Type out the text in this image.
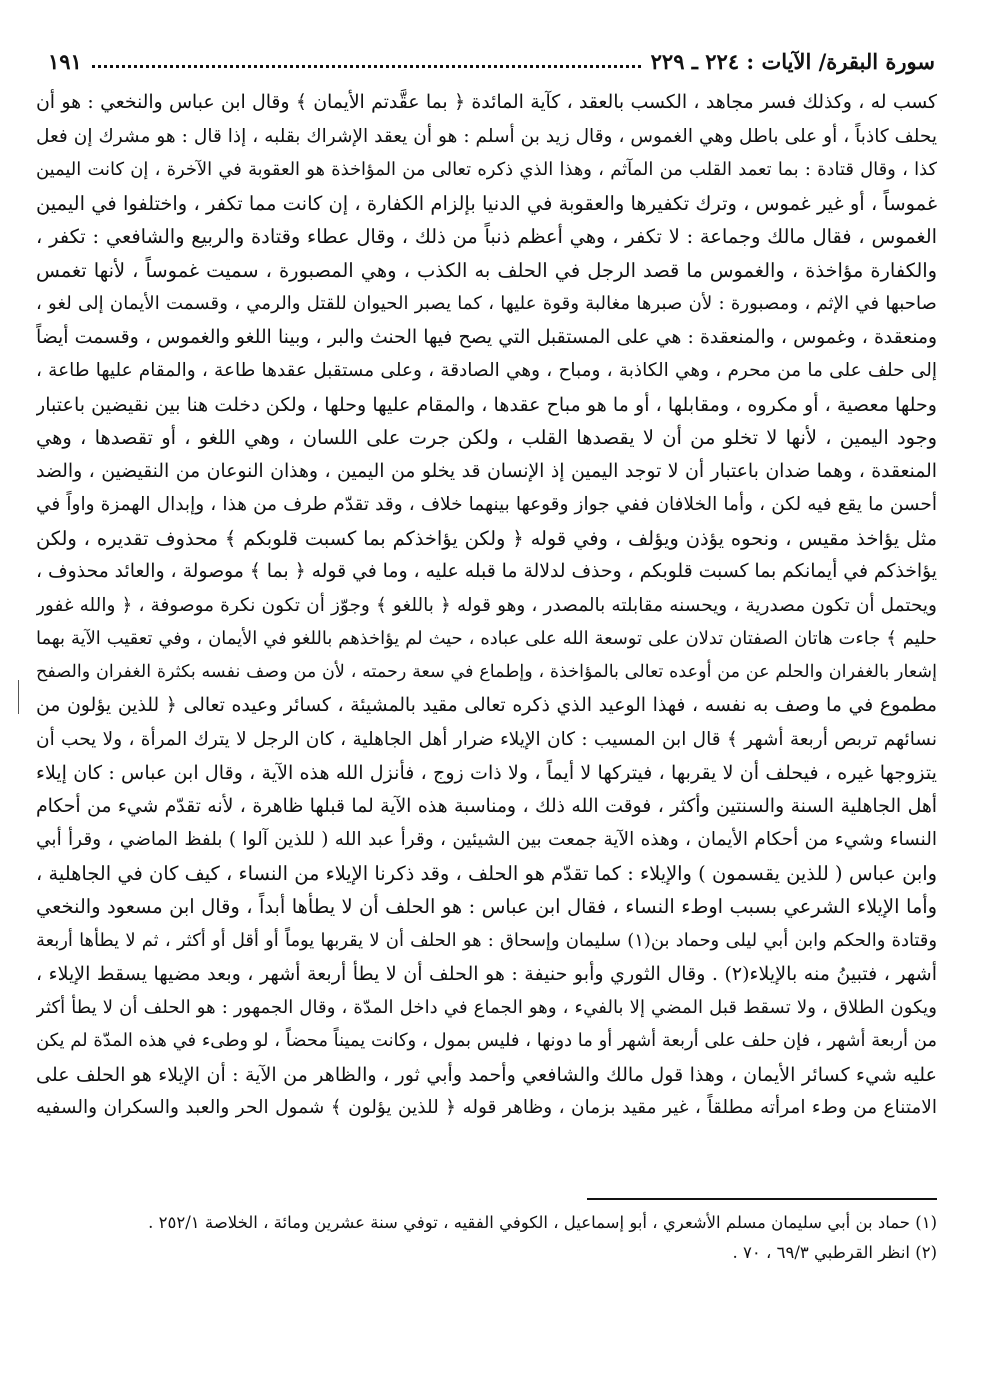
سورة البقرة/ الآيات : ٢٢٤ ـ ٢٢٩
١٩١
كسب له ، وكذلك فسر مجاهد ، الكسب بالعقد ، كآية المائدة ﴿ بما عقَّدتم الأيمان ﴾ وقال ابن عباس والنخعي : هو أن
يحلف كاذباً ، أو على باطل وهي الغموس ، وقال زيد بن أسلم : هو أن يعقد الإشراك بقلبه ، إذا قال : هو مشرك إن فعل
كذا ، وقال قتادة : بما تعمد القلب من المآثم ، وهذا الذي ذكره تعالى من المؤاخذة هو العقوبة في الآخرة ، إن كانت اليمين
غموساً ، أو غير غموس ، وترك تكفيرها والعقوبة في الدنيا بإلزام الكفارة ، إن كانت مما تكفر ، واختلفوا في اليمين
الغموس ، فقال مالك وجماعة : لا تكفر ، وهي أعظم ذنباً من ذلك ، وقال عطاء وقتادة والربيع والشافعي : تكفر ،
والكفارة مؤاخذة ، والغموس ما قصد الرجل في الحلف به الكذب ، وهي المصبورة ، سميت غموساً ، لأنها تغمس
صاحبها في الإثم ، ومصبورة : لأن صبرها مغالبة وقوة عليها ، كما يصبر الحيوان للقتل والرمي ، وقسمت الأيمان إلى لغو ،
ومنعقدة ، وغموس ، والمنعقدة : هي على المستقبل التي يصح فيها الحنث والبر ، وبينا اللغو والغموس ، وقسمت أيضاً
إلى حلف على ما من محرم ، وهي الكاذبة ، ومباح ، وهي الصادقة ، وعلى مستقبل عقدها طاعة ، والمقام عليها طاعة ،
وحلها معصية ، أو مكروه ، ومقابلها ، أو ما هو مباح عقدها ، والمقام عليها وحلها ، ولكن دخلت هنا بين نقيضين باعتبار
وجود اليمين ، لأنها لا تخلو من أن لا يقصدها القلب ، ولكن جرت على اللسان ، وهي اللغو ، أو تقصدها ، وهي
المنعقدة ، وهما ضدان باعتبار أن لا توجد اليمين إذ الإنسان قد يخلو من اليمين ، وهذان النوعان من النقيضين ، والضد
أحسن ما يقع فيه لكن ، وأما الخلافان ففي جواز وقوعها بينهما خلاف ، وقد تقدّم طرف من هذا ، وإبدال الهمزة واواً في
مثل يؤاخذ مقيس ، ونحوه يؤذن ويؤلف ، وفي قوله ﴿ ولكن يؤاخذكم بما كسبت قلوبكم ﴾ محذوف تقديره ، ولكن
يؤاخذكم في أيمانكم بما كسبت قلوبكم ، وحذف لدلالة ما قبله عليه ، وما في قوله ﴿ بما ﴾ موصولة ، والعائد محذوف ،
ويحتمل أن تكون مصدرية ، ويحسنه مقابلته بالمصدر ، وهو قوله ﴿ باللغو ﴾ وجوّز أن تكون نكرة موصوفة ، ﴿ والله غفور
حليم ﴾ جاءت هاتان الصفتان تدلان على توسعة الله على عباده ، حيث لم يؤاخذهم باللغو في الأيمان ، وفي تعقيب الآية بهما
إشعار بالغفران والحلم عن من أوعده تعالى بالمؤاخذة ، وإطماع في سعة رحمته ، لأن من وصف نفسه بكثرة الغفران والصفح
مطموع في ما وصف به نفسه ، فهذا الوعيد الذي ذكره تعالى مقيد بالمشيئة ، كسائر وعيده تعالى ﴿ للذين يؤلون من
نسائهم تربص أربعة أشهر ﴾ قال ابن المسيب : كان الإيلاء ضرار أهل الجاهلية ، كان الرجل لا يترك المرأة ، ولا يحب أن
يتزوجها غيره ، فيحلف أن لا يقربها ، فيتركها لا أيماً ، ولا ذات زوج ، فأنزل الله هذه الآية ، وقال ابن عباس : كان إيلاء
أهل الجاهلية السنة والسنتين وأكثر ، فوقت الله ذلك ، ومناسبة هذه الآية لما قبلها ظاهرة ، لأنه تقدّم شيء من أحكام
النساء وشيء من أحكام الأيمان ، وهذه الآية جمعت بين الشيئين ، وقرأ عبد الله ( للذين آلوا ) بلفظ الماضي ، وقرأ أبي
وابن عباس ( للذين يقسمون ) والإيلاء : كما تقدّم هو الحلف ، وقد ذكرنا الإيلاء من النساء ، كيف كان في الجاهلية ،
وأما الإيلاء الشرعي بسبب اوطء النساء ، فقال ابن عباس : هو الحلف أن لا يطأها أبداً ، وقال ابن مسعود والنخعي
وقتادة والحكم وابن أبي ليلى وحماد بن(١) سليمان وإسحاق : هو الحلف أن لا يقربها يوماً أو أقل أو أكثر ، ثم لا يطأها أربعة
أشهر ، فتبينُ منه بالإيلاء(٢) . وقال الثوري وأبو حنيفة : هو الحلف أن لا يطأ أربعة أشهر ، وبعد مضيها يسقط الإيلاء ،
ويكون الطلاق ، ولا تسقط قبل المضي إلا بالفيء ، وهو الجماع في داخل المدّة ، وقال الجمهور : هو الحلف أن لا يطأ أكثر
من أربعة أشهر ، فإن حلف على أربعة أشهر أو ما دونها ، فليس بمول ، وكانت يميناً محضاً ، لو وطىء في هذه المدّة لم يكن
عليه شيء كسائر الأيمان ، وهذا قول مالك والشافعي وأحمد وأبي ثور ، والظاهر من الآية : أن الإيلاء هو الحلف على
الامتناع من وطء امرأته مطلقاً ، غير مقيد بزمان ، وظاهر قوله ﴿ للذين يؤلون ﴾ شمول الحر والعبد والسكران والسفيه
(١) حماد بن أبي سليمان مسلم الأشعري ، أبو إسماعيل ، الكوفي الفقيه ، توفي سنة عشرين ومائة ، الخلاصة ٢٥٢/١ .
(٢) انظر القرطبي ٦٩/٣ ، ٧٠ .
